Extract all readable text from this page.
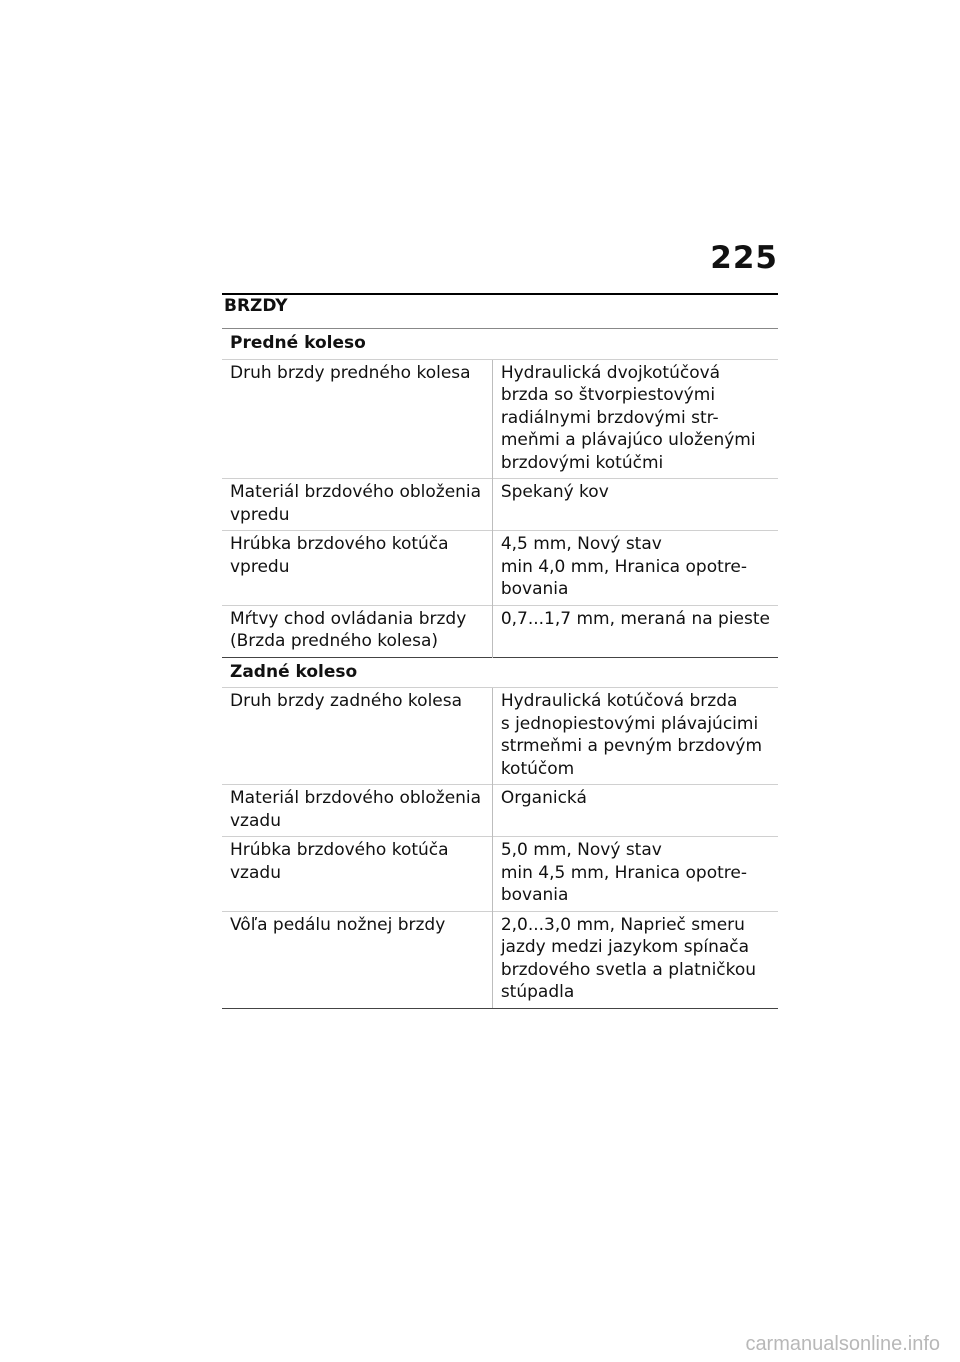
225
BRZDY
Predné koleso	

Druh brzdy predného kolesa	Hydraulická dvojkotúčová
brzda so štvorpiestovými
radiálnymi brzdovými str-
meňmi a plávajúco uloženými
brzdovými kotúčmi

Materiál brzdového obloženia
vpredu	Spekaný kov

Hrúbka brzdového kotúča
vpredu	4,5 mm, Nový stav
min 4,0 mm, Hranica opotre-
bovania

Mŕtvy chod ovládania brzdy
(Brzda predného kolesa)	0,7...1,7 mm, meraná na pieste

Zadné koleso	

Druh brzdy zadného kolesa	Hydraulická kotúčová brzda
s jednopiestovými plávajúcimi
strmeňmi a pevným brzdovým
kotúčom

Materiál brzdového obloženia
vzadu	Organická

Hrúbka brzdového kotúča
vzadu	5,0 mm, Nový stav
min 4,5 mm, Hranica opotre-
bovania

Vôľa pedálu nožnej brzdy	2,0...3,0 mm, Naprieč smeru
jazdy medzi jazykom spínača
brzdového svetla a platničkou
stúpadla
carmanualsonline.info
